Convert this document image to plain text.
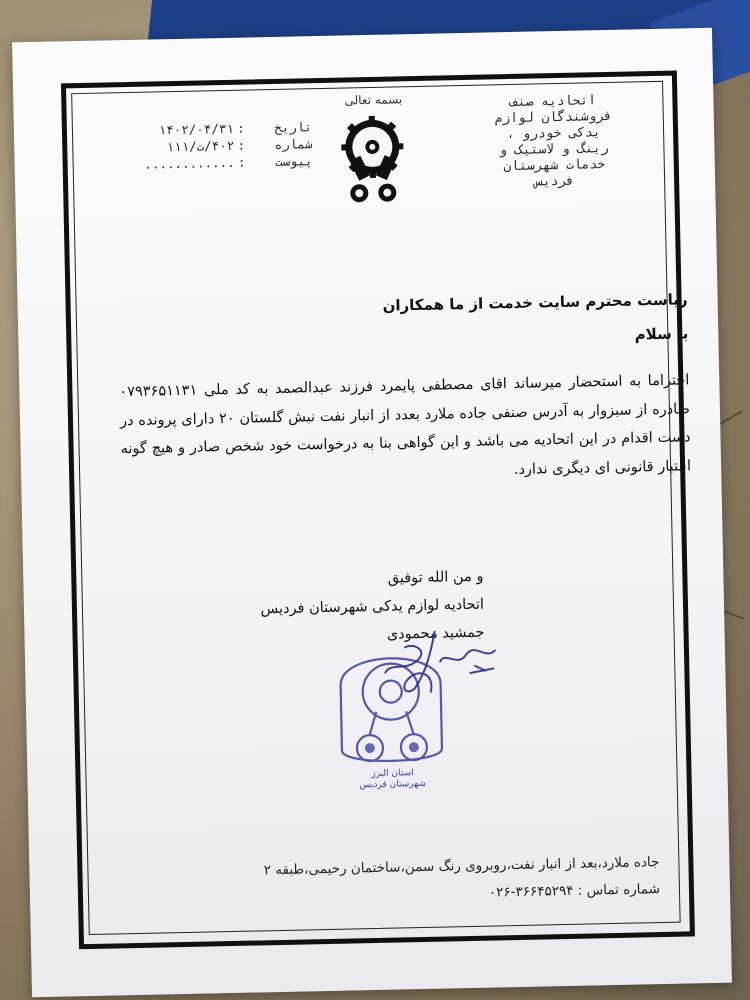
بسمه تعالی	اتحادیه صنف
فروشندگان لوازم
یدکی خودرو ،
رینگ و لاستیک و
خدمات شهرستان
فردیس
تاریخ
:
۱۴۰۲/۰۴/۳۱
شماره
:
۴۰۲/ت/۱۱۱
پیوست
:
............
ریاست محترم سایت خدمت از ما همکاران
با سلام
احتراما به استحضار میرساند اقای مصطفی پایمرد فرزند عبدالصمد به کد ملی ۰۷۹۳۶۵۱۱۳۱ صادره از سبزوار به آدرس صنفی جاده ملارد بعدد از انبار نفت نبش گلستان ۲۰ دارای پرونده در دست اقدام در این اتحادیه می باشد و این گواهی بنا به درخواست خود شخص صادر و هیچ گونه اعتبار قانونی ای دیگری ندارد.
و من الله توفیق
اتحادیه لوازم یدکی شهرستان فردیس
جمشید محمودی
استان البرز
شهرستان فردیس
جاده ملارد،بعد از انبار نفت،روبروی رنگ سمن،ساختمان رحیمی،طبقه ۲
شماره تماس : ۳۶۶۴۵۲۹۴-۰۲۶
